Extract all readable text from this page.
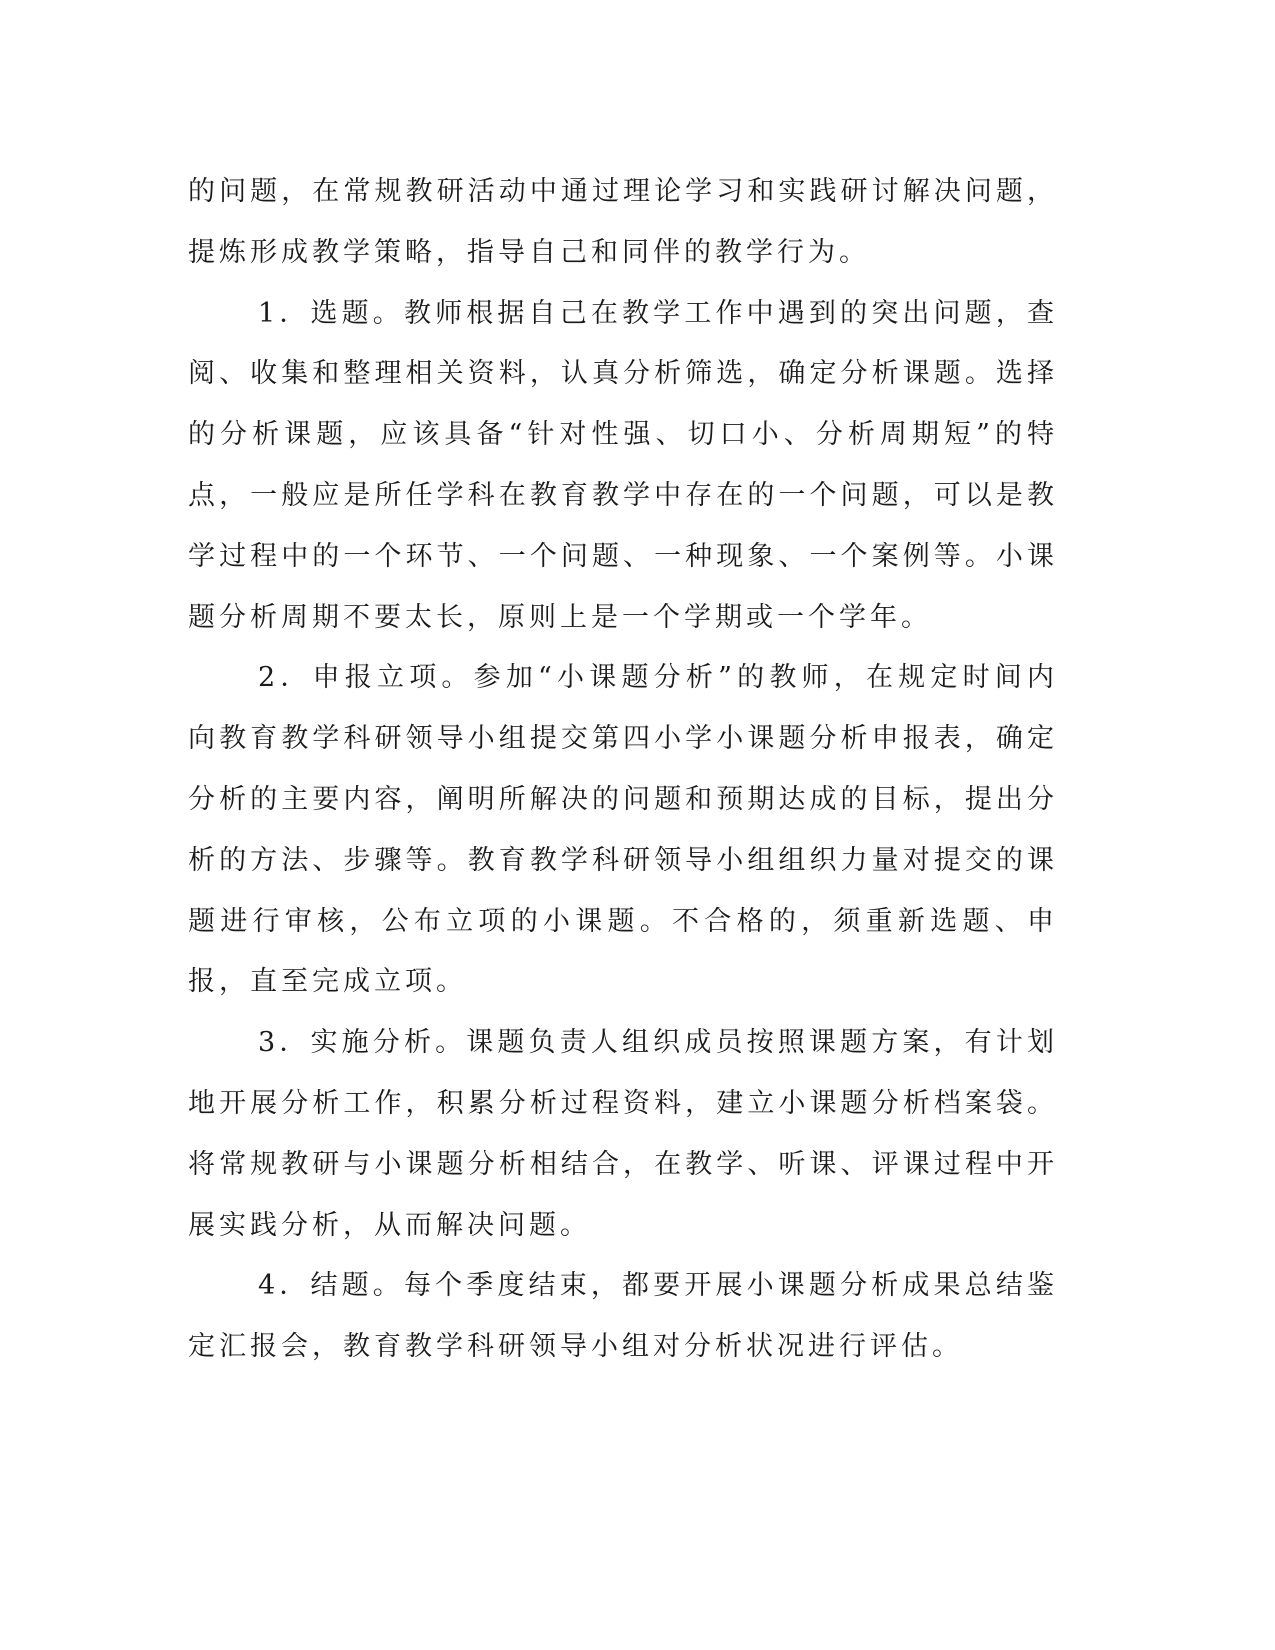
的问题，在常规教研活动中通过理论学习和实践研讨解决问题，提炼形成教学策略，指导自己和同伴的教学行为。

1．选题。教师根据自己在教学工作中遇到的突出问题，查阅、收集和整理相关资料，认真分析筛选，确定分析课题。选择的分析课题，应该具备“针对性强、切口小、分析周期短”的特点，一般应是所任学科在教育教学中存在的一个问题，可以是教学过程中的一个环节、一个问题、一种现象、一个案例等。小课题分析周期不要太长，原则上是一个学期或一个学年。

2．申报立项。参加“小课题分析”的教师，在规定时间内向教育教学科研领导小组提交第四小学小课题分析申报表，确定分析的主要内容，阐明所解决的问题和预期达成的目标，提出分析的方法、步骤等。教育教学科研领导小组组织力量对提交的课题进行审核，公布立项的小课题。不合格的，须重新选题、申报，直至完成立项。

3．实施分析。课题负责人组织成员按照课题方案，有计划地开展分析工作，积累分析过程资料，建立小课题分析档案袋。将常规教研与小课题分析相结合，在教学、听课、评课过程中开展实践分析，从而解决问题。

4．结题。每个季度结束，都要开展小课题分析成果总结鉴定汇报会，教育教学科研领导小组对分析状况进行评估。
